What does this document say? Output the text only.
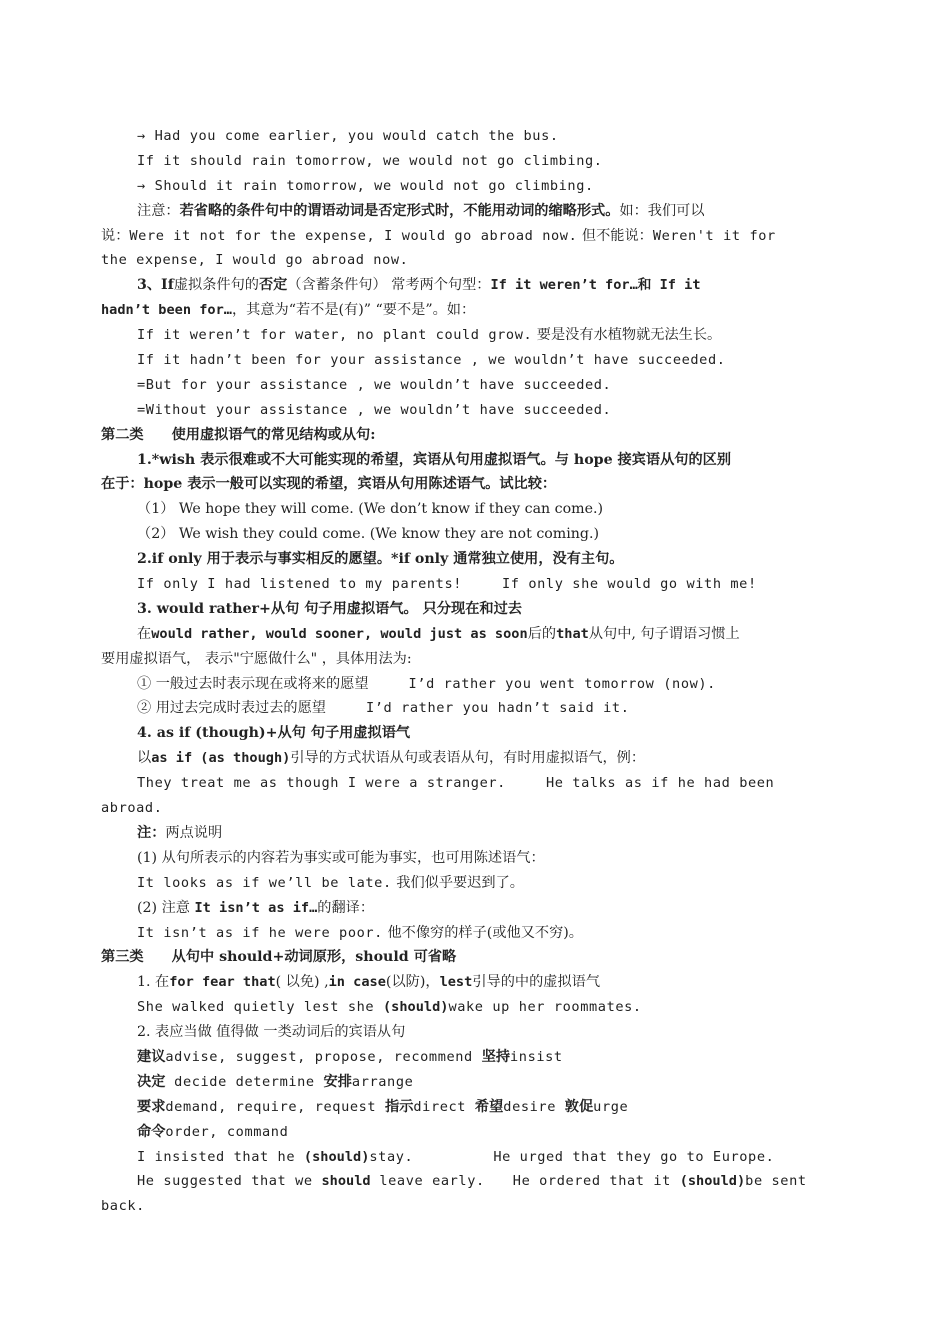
→ Had you come earlier, you would catch the bus.
If it should rain tomorrow, we would not go climbing.
→ Should it rain tomorrow, we would not go climbing.
注意：若省略的条件句中的谓语动词是否定形式时，不能用动词的缩略形式。如：我们可以
说：Were it not for the expense, I would go abroad now. 但不能说：Weren't it for
the expense, I would go abroad now.
3、If虚拟条件句的否定（含蓄条件句） 常考两个句型：If it weren’t for…和 If it
hadn’t been for…，其意为“若不是(有)” “要不是”。如：
If it weren’t for water, no plant could grow. 要是没有水植物就无法生长。
If it hadn’t been for your assistance , we wouldn’t have succeeded.
=But for your assistance , we wouldn’t have succeeded.
=Without your assistance , we wouldn’t have succeeded.
第二类 使用虚拟语气的常见结构或从句:
1.*wish 表示很难或不大可能实现的希望，宾语从句用虚拟语气。与 hope 接宾语从句的区别
在于：hope 表示一般可以实现的希望，宾语从句用陈述语气。试比较：
（1） We hope they will come. (We don’t know if they can come.)
（2） We wish they could come. (We know they are not coming.)
2.if only 用于表示与事实相反的愿望。*if only 通常独立使用，没有主句。
If only I had listened to my parents!	If only she would go with me!
3. would rather+从句 句子用虚拟语气。 只分现在和过去
在would rather, would sooner, would just as soon后的that从句中, 句子谓语习惯上
要用虚拟语气， 表示"宁愿做什么" ，具体用法为:
① 一般过去时表示现在或将来的愿望	I’d rather you went tomorrow (now).
② 用过去完成时表过去的愿望	I’d rather you hadn’t said it.
4. as if (though)+从句 句子用虚拟语气
以as if (as though)引导的方式状语从句或表语从句，有时用虚拟语气，例：
They treat me as though I were a stranger.	He talks as if he had been
abroad.
注：两点说明
(1) 从句所表示的内容若为事实或可能为事实，也可用陈述语气：
It looks as if we’ll be late. 我们似乎要迟到了。
(2) 注意 It isn’t as if…的翻译：
It isn’t as if he were poor. 他不像穷的样子(或他又不穷)。
第三类 从句中 should+动词原形，should 可省略
1. 在for fear that( 以免) ,in case(以防)，lest引导的中的虚拟语气
She walked quietly lest she (should)wake up her roommates.
2. 表应当做 值得做 一类动词后的宾语从句
建议advise, suggest, propose, recommend 坚持insist
决定 decide determine 安排arrange
要求demand, require, request 指示direct 希望desire 敦促urge
命令order, command
I insisted that he (should)stay.	He urged that they go to Europe.
He suggested that we should leave early. He ordered that it (should)be sent
back.
